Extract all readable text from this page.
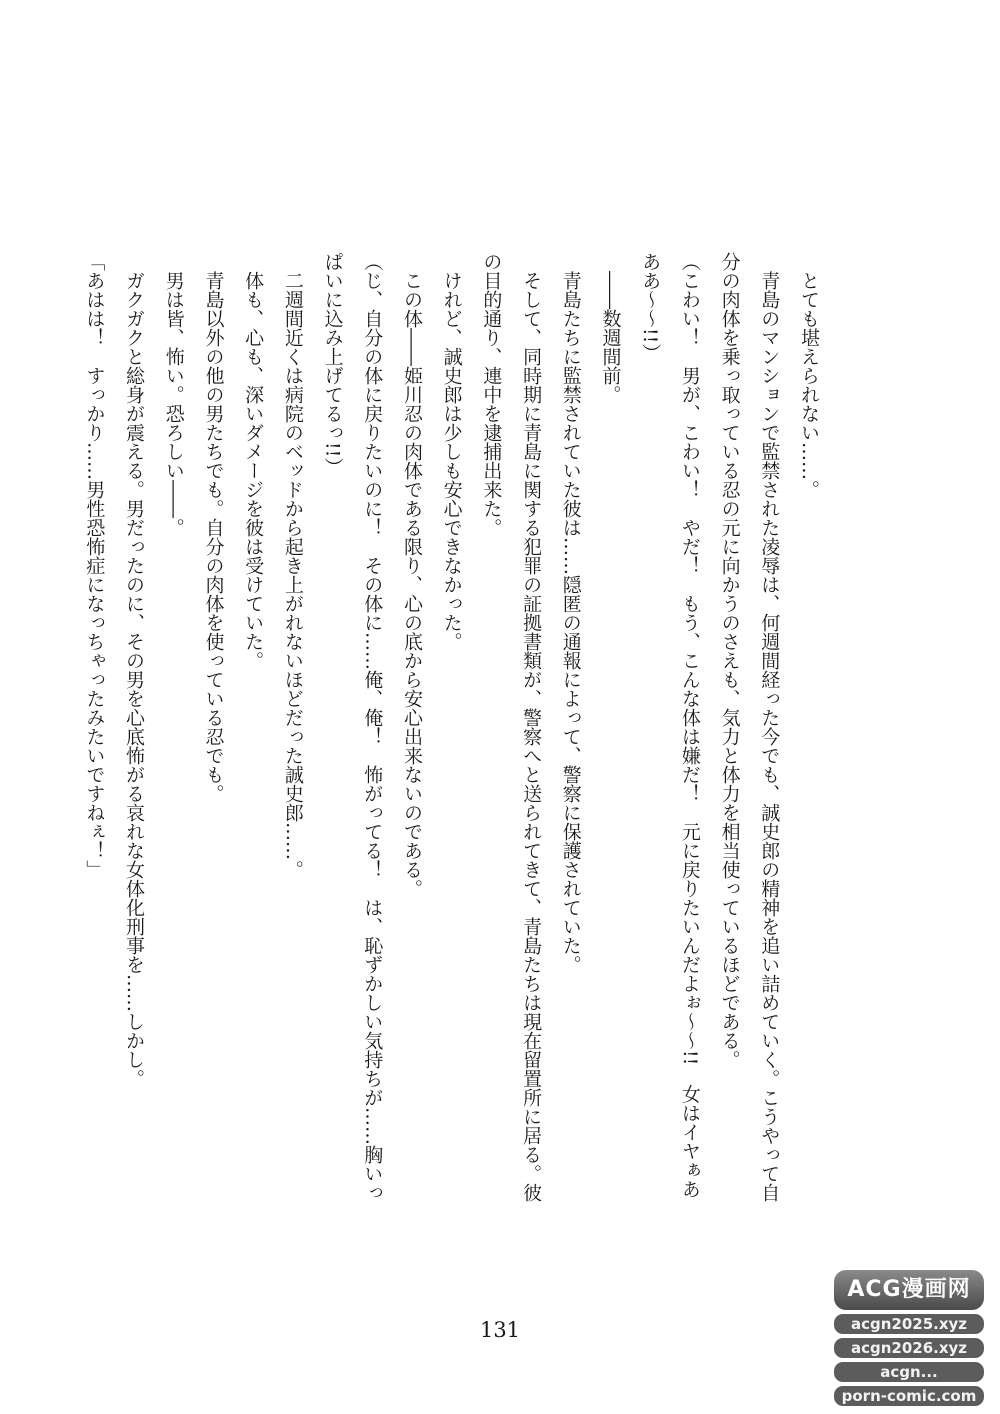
　とても堪えられない……。

　青島のマンションで監禁された凌辱は、何週間経った今でも、誠史郎の精神を追い詰めていく。こうやって自

分の肉体を乗っ取っている忍の元に向かうのさえも、気力と体力を相当使っているほどである。

（こわい！　男が、こわい！　やだ！　もう、こんな体は嫌だ！　元に戻りたいんだよぉ～～!!　女はイヤぁあ

ああ～～!!）

　――数週間前。

　青島たちに監禁されていた彼は……隠匿の通報によって、警察に保護されていた。

　そして、同時期に青島に関する犯罪の証拠書類が、警察へと送られてきて、青島たちは現在留置所に居る。彼

の目的通り、連中を逮捕出来た。

　けれど、誠史郎は少しも安心できなかった。

　この体――姫川忍の肉体である限り、心の底から安心出来ないのである。

（じ、自分の体に戻りたいのに！　その体に……俺、俺！　怖がってる！　は、恥ずかしい気持ちが……胸いっ

ぱいに込み上げてるっ!!）

　二週間近くは病院のベッドから起き上がれないほどだった誠史郎……。

　体も、心も、深いダメージを彼は受けていた。

　青島以外の他の男たちでも。自分の肉体を使っている忍でも。

　男は皆、怖い。恐ろしい――。

　ガクガクと総身が震える。男だったのに、その男を心底怖がる哀れな女体化刑事を……しかし。

「あはは！　すっかり……男性恐怖症になっちゃったみたいですねぇ！」

131
ACG漫画网
acgn2025.xyz
acgn2026.xyz
acgn...
porn-comic.com
